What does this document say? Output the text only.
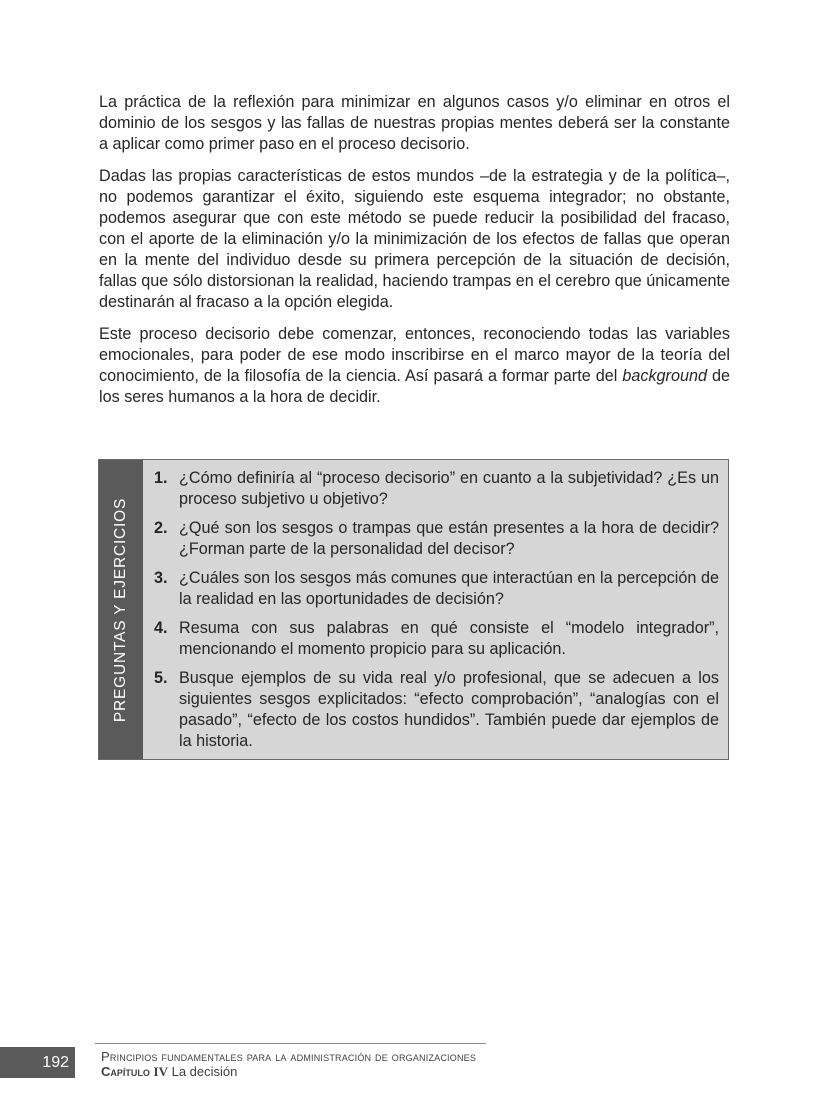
La práctica de la reflexión para minimizar en algunos casos y/o eliminar en otros el dominio de los sesgos y las fallas de nuestras propias mentes deberá ser la constante a aplicar como primer paso en el proceso decisorio.

Dadas las propias características de estos mundos –de la estrategia y de la política–, no podemos garantizar el éxito, siguiendo este esquema integrador; no obstante, podemos asegurar que con este método se puede reducir la posibilidad del fracaso, con el aporte de la eliminación y/o la minimización de los efectos de fallas que operan en la mente del individuo desde su primera percepción de la situación de decisión, fallas que sólo distorsionan la realidad, haciendo trampas en el cerebro que únicamente destinarán al fracaso a la opción elegida.

Este proceso decisorio debe comenzar, entonces, reconociendo todas las variables emocionales, para poder de ese modo inscribirse en el marco mayor de la teoría del conocimiento, de la filosofía de la ciencia. Así pasará a formar parte del background de los seres humanos a la hora de decidir.

PREGUNTAS Y EJERCICIOS
1. ¿Cómo definiría al “proceso decisorio” en cuanto a la subjetividad? ¿Es un proceso subjetivo u objetivo?
2. ¿Qué son los sesgos o trampas que están presentes a la hora de decidir? ¿Forman parte de la personalidad del decisor?
3. ¿Cuáles son los sesgos más comunes que interactúan en la percepción de la realidad en las oportunidades de decisión?
4. Resuma con sus palabras en qué consiste el “modelo integrador”, mencionando el momento propicio para su aplicación.
5. Busque ejemplos de su vida real y/o profesional, que se adecuen a los siguientes sesgos explicitados: “efecto comprobación”, “analogías con el pasado”, “efecto de los costos hundidos”. También puede dar ejemplos de la historia.
192	Principios fundamentales para la administración de organizaciones
Capítulo IV La decisión
